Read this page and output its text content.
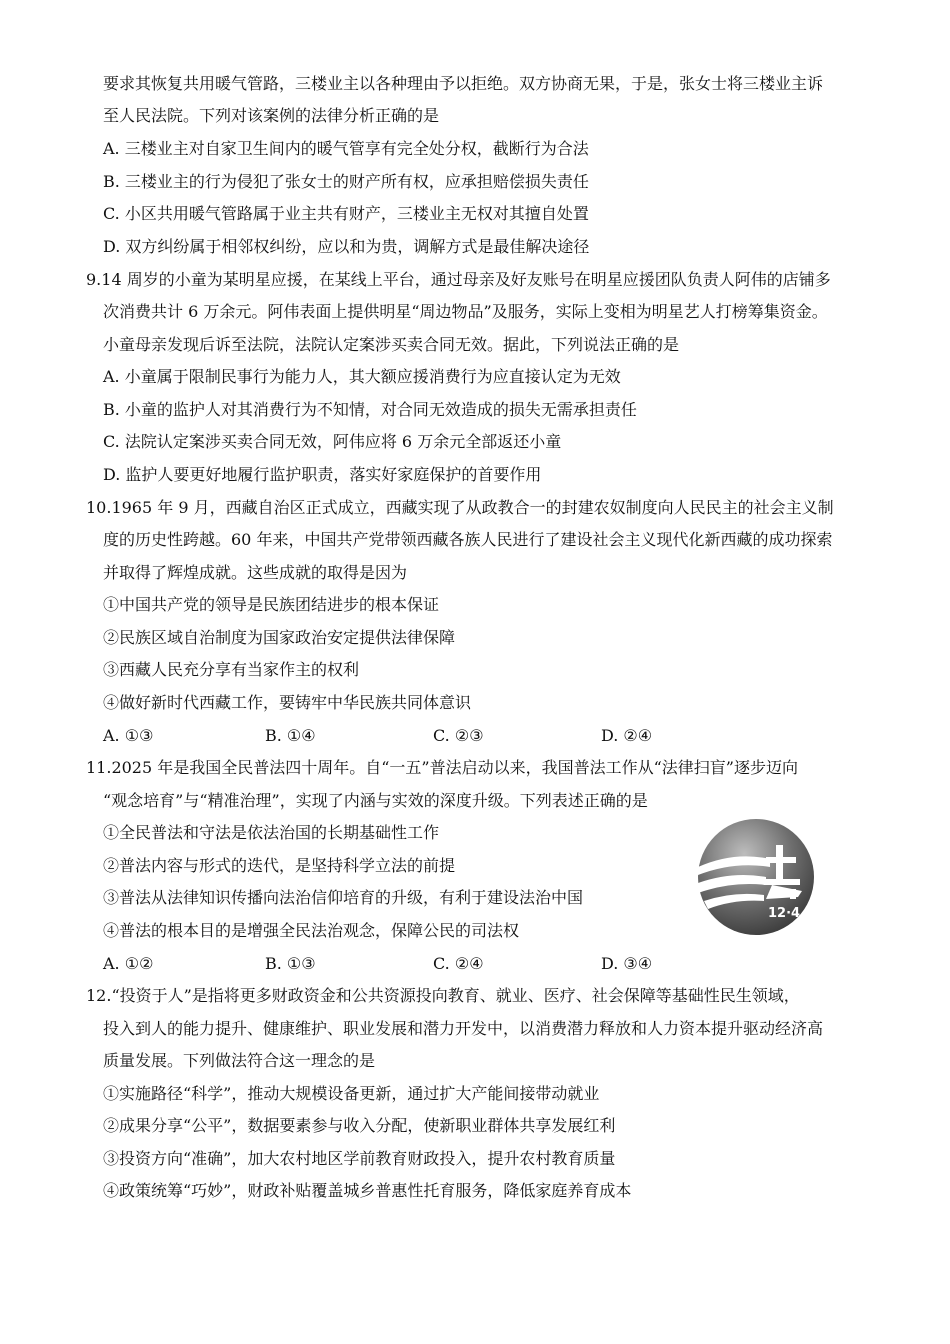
要求其恢复共用暖气管路，三楼业主以各种理由予以拒绝。双方协商无果，于是，张女士将三楼业主诉
至人民法院。下列对该案例的法律分析正确的是
A. 三楼业主对自家卫生间内的暖气管享有完全处分权，截断行为合法
B. 三楼业主的行为侵犯了张女士的财产所有权，应承担赔偿损失责任
C. 小区共用暖气管路属于业主共有财产，三楼业主无权对其擅自处置
D. 双方纠纷属于相邻权纠纷，应以和为贵，调解方式是最佳解决途径
9.14 周岁的小童为某明星应援，在某线上平台，通过母亲及好友账号在明星应援团队负责人阿伟的店铺多
次消费共计 6 万余元。阿伟表面上提供明星“周边物品”及服务，实际上变相为明星艺人打榜筹集资金。
小童母亲发现后诉至法院，法院认定案涉买卖合同无效。据此，下列说法正确的是
A. 小童属于限制民事行为能力人，其大额应援消费行为应直接认定为无效
B. 小童的监护人对其消费行为不知情，对合同无效造成的损失无需承担责任
C. 法院认定案涉买卖合同无效，阿伟应将 6 万余元全部返还小童
D. 监护人要更好地履行监护职责，落实好家庭保护的首要作用
10.1965 年 9 月，西藏自治区正式成立，西藏实现了从政教合一的封建农奴制度向人民民主的社会主义制
度的历史性跨越。60 年来，中国共产党带领西藏各族人民进行了建设社会主义现代化新西藏的成功探索
并取得了辉煌成就。这些成就的取得是因为
①中国共产党的领导是民族团结进步的根本保证
②民族区域自治制度为国家政治安定提供法律保障
③西藏人民充分享有当家作主的权利
④做好新时代西藏工作，要铸牢中华民族共同体意识
A. ①③	B. ①④	C. ②③	D. ②④
11.2025 年是我国全民普法四十周年。自“一五”普法启动以来，我国普法工作从“法律扫盲”逐步迈向
“观念培育”与“精准治理”，实现了内涵与实效的深度升级。下列表述正确的是
①全民普法和守法是依法治国的长期基础性工作
②普法内容与形式的迭代，是坚持科学立法的前提
③普法从法律知识传播向法治信仰培育的升级，有利于建设法治中国
④普法的根本目的是增强全民法治观念，保障公民的司法权
A. ①②	B. ①③	C. ②④	D. ③④
12·4
12.“投资于人”是指将更多财政资金和公共资源投向教育、就业、医疗、社会保障等基础性民生领域，
投入到人的能力提升、健康维护、职业发展和潜力开发中，以消费潜力释放和人力资本提升驱动经济高
质量发展。下列做法符合这一理念的是
①实施路径“科学”，推动大规模设备更新，通过扩大产能间接带动就业
②成果分享“公平”，数据要素参与收入分配，使新职业群体共享发展红利
③投资方向“准确”，加大农村地区学前教育财政投入，提升农村教育质量
④政策统筹“巧妙”，财政补贴覆盖城乡普惠性托育服务，降低家庭养育成本
